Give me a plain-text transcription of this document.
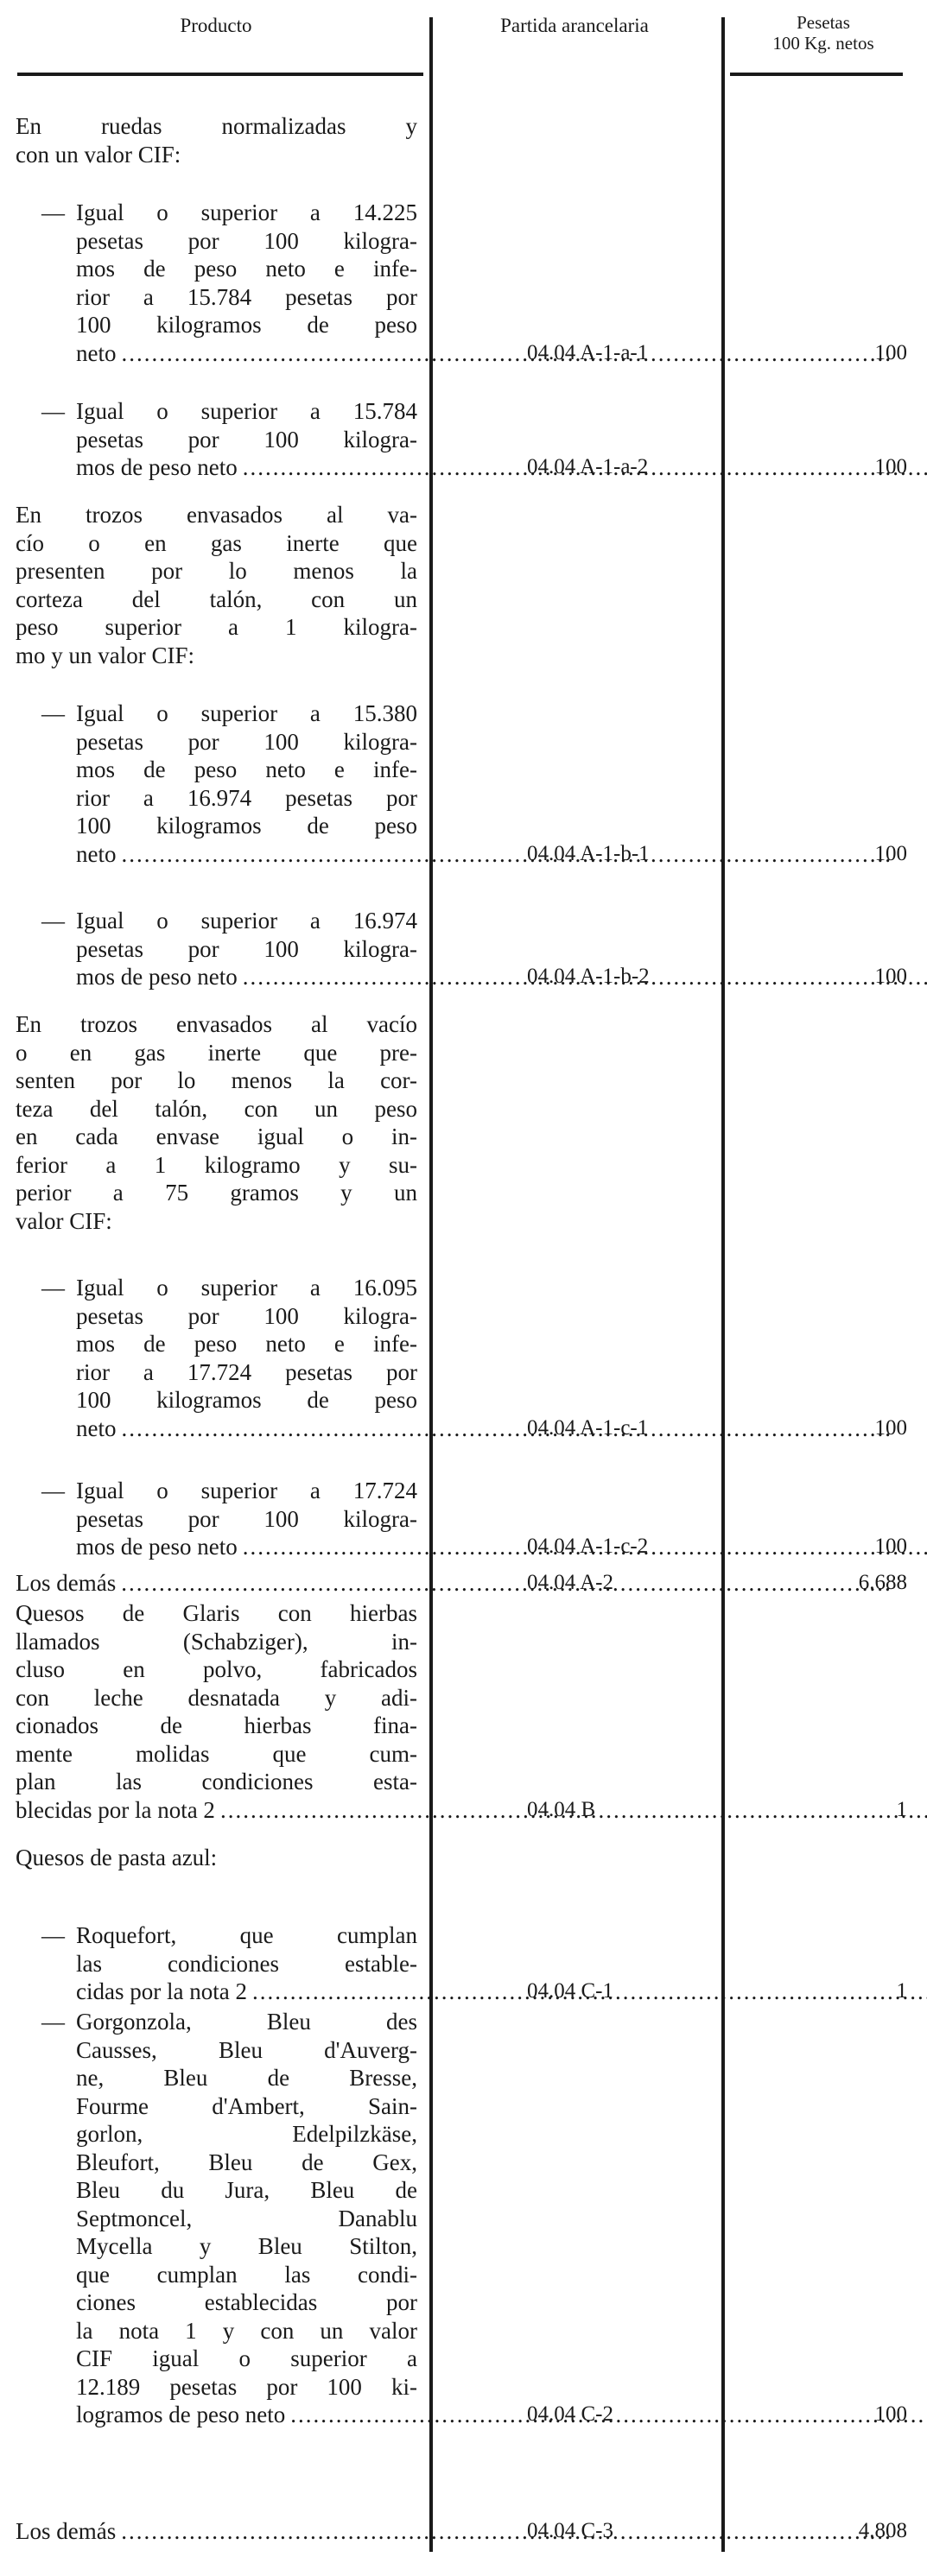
Producto	Partida arancelaria	Pesetas
100 Kg. netos
En ruedas normalizadas y
con un valor CIF:
— Igual o superior a 14.225
pesetas por 100 kilogra-
mos de peso neto e infe-
rior a 15.784 pesetas por
100 kilogramos de peso
neto .....	04.04 A-1-a-1	100
— Igual o superior a 15.784
pesetas por 100 kilogra-
mos de peso neto .....	04.04 A-1-a-2	100
En trozos envasados al va-
cío o en gas inerte que
presenten por lo menos la
corteza del talón, con un
peso superior a 1 kilogra-
mo y un valor CIF:
— Igual o superior a 15.380
pesetas por 100 kilogra-
mos de peso neto e infe-
rior a 16.974 pesetas por
100 kilogramos de peso
neto .....	04.04 A-1-b-1	100
— Igual o superior a 16.974
pesetas por 100 kilogra-
mos de peso neto .....	04.04 A-1-b-2	100
En trozos envasados al vacío
o en gas inerte que pre-
senten por lo menos la cor-
teza del talón, con un peso
en cada envase igual o in-
ferior a 1 kilogramo y su-
perior a 75 gramos y un
valor CIF:
— Igual o superior a 16.095
pesetas por 100 kilogra-
mos de peso neto e infe-
rior a 17.724 pesetas por
100 kilogramos de peso
neto .....	04.04 A-1-c-1	100
— Igual o superior a 17.724
pesetas por 100 kilogra-
mos de peso neto .....	04.04 A-1-c-2	100
Los demás .....	04.04 A-2	6.688
Quesos de Glaris con hierbas
llamados (Schabziger), in-
cluso en polvo, fabricados
con leche desnatada y adi-
cionados de hierbas fina-
mente molidas que cum-
plan las condiciones esta-
blecidas por la nota 2 .....	04.04 B	1
Quesos de pasta azul:
— Roquefort, que cumplan
las condiciones estable-
cidas por la nota 2 .....	04.04 C-1	1
— Gorgonzola, Bleu des
Causses, Bleu d'Auverg-
ne, Bleu de Bresse,
Fourme d'Ambert, Sain-
gorlon, Edelpilzkäse,
Bleufort, Bleu de Gex,
Bleu du Jura, Bleu de
Septmoncel, Danablu
Mycella y Bleu Stilton,
que cumplan las condi-
ciones establecidas por
la nota 1 y con un valor
CIF igual o superior a
12.189 pesetas por 100 ki-
logramos de peso neto .....	04.04 C-2	100
Los demás .....	04.04 C-3	4.808
